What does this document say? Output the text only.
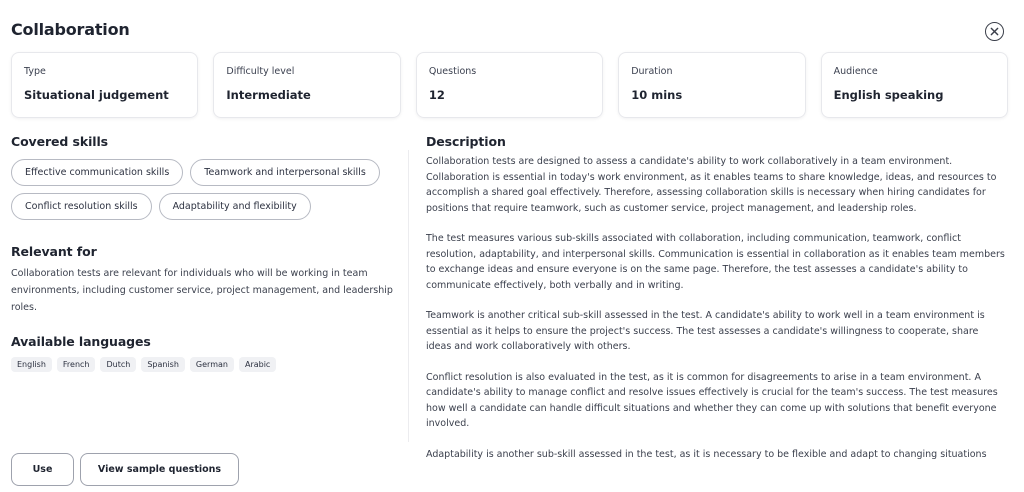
Collaboration
Type
Situational judgement
Difficulty level
Intermediate
Questions
12
Duration
10 mins
Audience
English speaking
Covered skills
Effective communication skills	Teamwork and interpersonal skills
Conflict resolution skills	Adaptability and flexibility
Relevant for
Collaboration tests are relevant for individuals who will be working in team environments, including customer service, project management, and leadership roles.
Available languages
English	French	Dutch	Spanish	German	Arabic
Description

Collaboration tests are designed to assess a candidate's ability to work collaboratively in a team environment. Collaboration is essential in today's work environment, as it enables teams to share knowledge, ideas, and resources to accomplish a shared goal effectively. Therefore, assessing collaboration skills is necessary when hiring candidates for positions that require teamwork, such as customer service, project management, and leadership roles.

The test measures various sub-skills associated with collaboration, including communication, teamwork, conflict resolution, adaptability, and interpersonal skills. Communication is essential in collaboration as it enables team members to exchange ideas and ensure everyone is on the same page. Therefore, the test assesses a candidate's ability to communicate effectively, both verbally and in writing.

Teamwork is another critical sub-skill assessed in the test. A candidate's ability to work well in a team environment is essential as it helps to ensure the project's success. The test assesses a candidate's willingness to cooperate, share ideas and work collaboratively with others.

Conflict resolution is also evaluated in the test, as it is common for disagreements to arise in a team environment. A candidate's ability to manage conflict and resolve issues effectively is crucial for the team's success. The test measures how well a candidate can handle difficult situations and whether they can come up with solutions that benefit everyone involved.

Adaptability is another sub-skill assessed in the test, as it is necessary to be flexible and adapt to changing situations

Use	View sample questions
